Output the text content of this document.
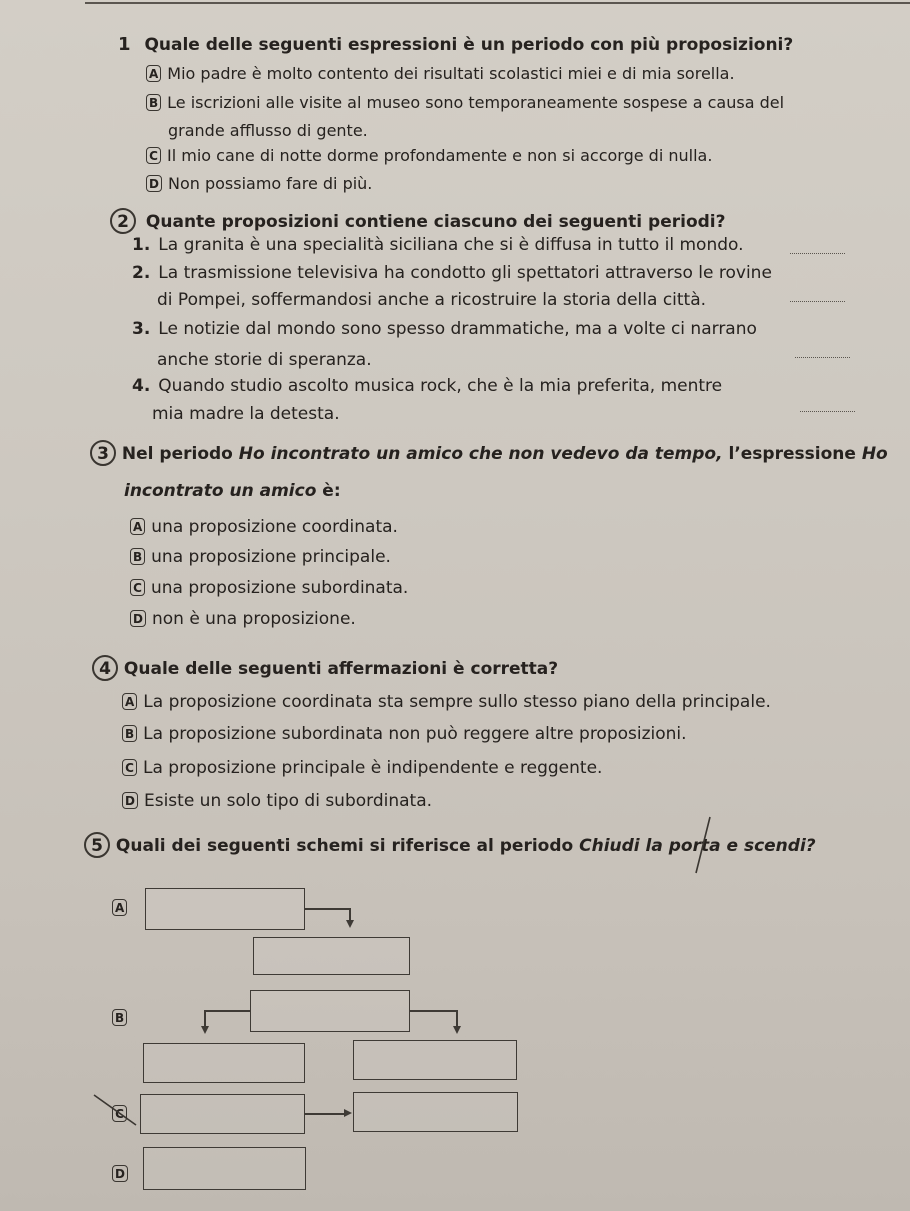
1 Quale delle seguenti espressioni è un periodo con più proposizioni?
A Mio padre è molto contento dei risultati scolastici miei e di mia sorella.
B Le iscrizioni alle visite al museo sono temporaneamente sospese a causa del
grande afflusso di gente.
C Il mio cane di notte dorme profondamente e non si accorge di nulla.
D Non possiamo fare di più.
2 Quante proposizioni contiene ciascuno dei seguenti periodi?
1. La granita è una specialità siciliana che si è diffusa in tutto il mondo.
2. La trasmissione televisiva ha condotto gli spettatori attraverso le rovine
di Pompei, soffermandosi anche a ricostruire la storia della città.
3. Le notizie dal mondo sono spesso drammatiche, ma a volte ci narrano
anche storie di speranza.
4. Quando studio ascolto musica rock, che è la mia preferita, mentre
mia madre la detesta.
3 Nel periodo Ho incontrato un amico che non vedevo da tempo, l’espressione Ho
incontrato un amico è:
A una proposizione coordinata.
B una proposizione principale.
C una proposizione subordinata.
D non è una proposizione.
4 Quale delle seguenti affermazioni è corretta?
A La proposizione coordinata sta sempre sullo stesso piano della principale.
B La proposizione subordinata non può reggere altre proposizioni.
C La proposizione principale è indipendente e reggente.
D Esiste un solo tipo di subordinata.
5 Quali dei seguenti schemi si riferisce al periodo Chiudi la porta e scendi?
A
B
C
D
